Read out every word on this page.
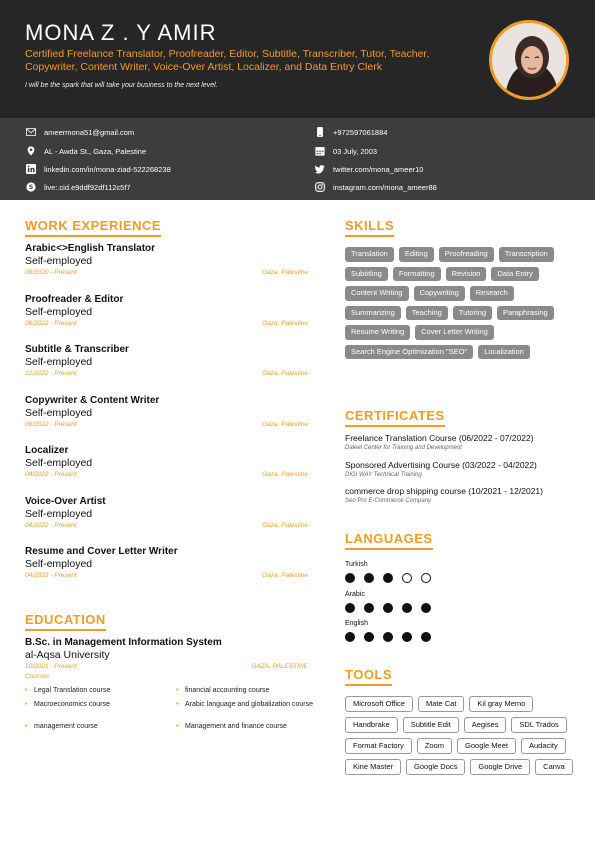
MONA Z . Y AMIR
Certified Freelance Translator, Proofreader, Editor, Subtitle, Transcriber, Tutor, Teacher, Copywriter, Content Writer, Voice-Over Artist, Localizer, and Data Entry Clerk
I will be the spark that will take your business to the next level.
ameermona51@gmail.com
AL - Awda St., Gaza, Palestine
linkedin.com/in/mona-ziad-522268238
S live:.cid.e9ddf92df112c5f7
+972597061884
03 July, 2003
twitter.com/mona_ameer10
instagram.com/mona_ameer88
WORK EXPERIENCE
Arabic<>English Translator
Self-employed
08/2020 - Present	Gaza, Palestine
Proofreader & Editor
Self-employed
06/2022 - Present	Gaza, Palestine
Subtitle & Transcriber
Self-employed
12/2022 - Present	Gaza, Palestine
Copywriter & Content Writer
Self-employed
06/2022 - Present	Gaza, Palestine
Localizer
Self-employed
04/2022 - Present	Gaza, Palestine
Voice-Over Artist
Self-employed
04/2022 - Present	Gaza, Palestine
Resume and Cover Letter Writer
Self-employed
04/2022 - Present	Gaza, Palestine
EDUCATION
B.Sc. in Management Information System
al-Aqsa University
10/2021 - Present	GAZA, PALESTINE
Courses
• Legal Translation course	• financial accounting course
• Macroeconomics course	• Arabic language and globalization course
• management course	• Management and finance course
SKILLS
Translation	Editing	Proofreading	Transcription
Subtitling	Formatting	Revision	Data Entry
Content Writing	Copywriting	Research
Summarizing	Teaching	Tutoring	Paraphrasing
Resume Writing	Cover Letter Writing
Search Engine Optimization "SEO"	Localization
CERTIFICATES
Freelance Translation Course (06/2022 - 07/2022)
Daleel Center for Training and Development
Sponsored Advertising Course (03/2022 - 04/2022)
DIGI WAY Technical Training
commerce drop shipping course (10/2021 - 12/2021)
Seo Pro E-Commerce Company
LANGUAGES
Turkish
Arabic
English
TOOLS
Microsoft Office	Mate Cat	Kil gray Memo
Handbrake	Subtitle Edit	Aegises	SDL Trados
Format Factory	Zoom	Google Meet	Audacity
Kine Master	Google Docs	Google Drive	Canva
